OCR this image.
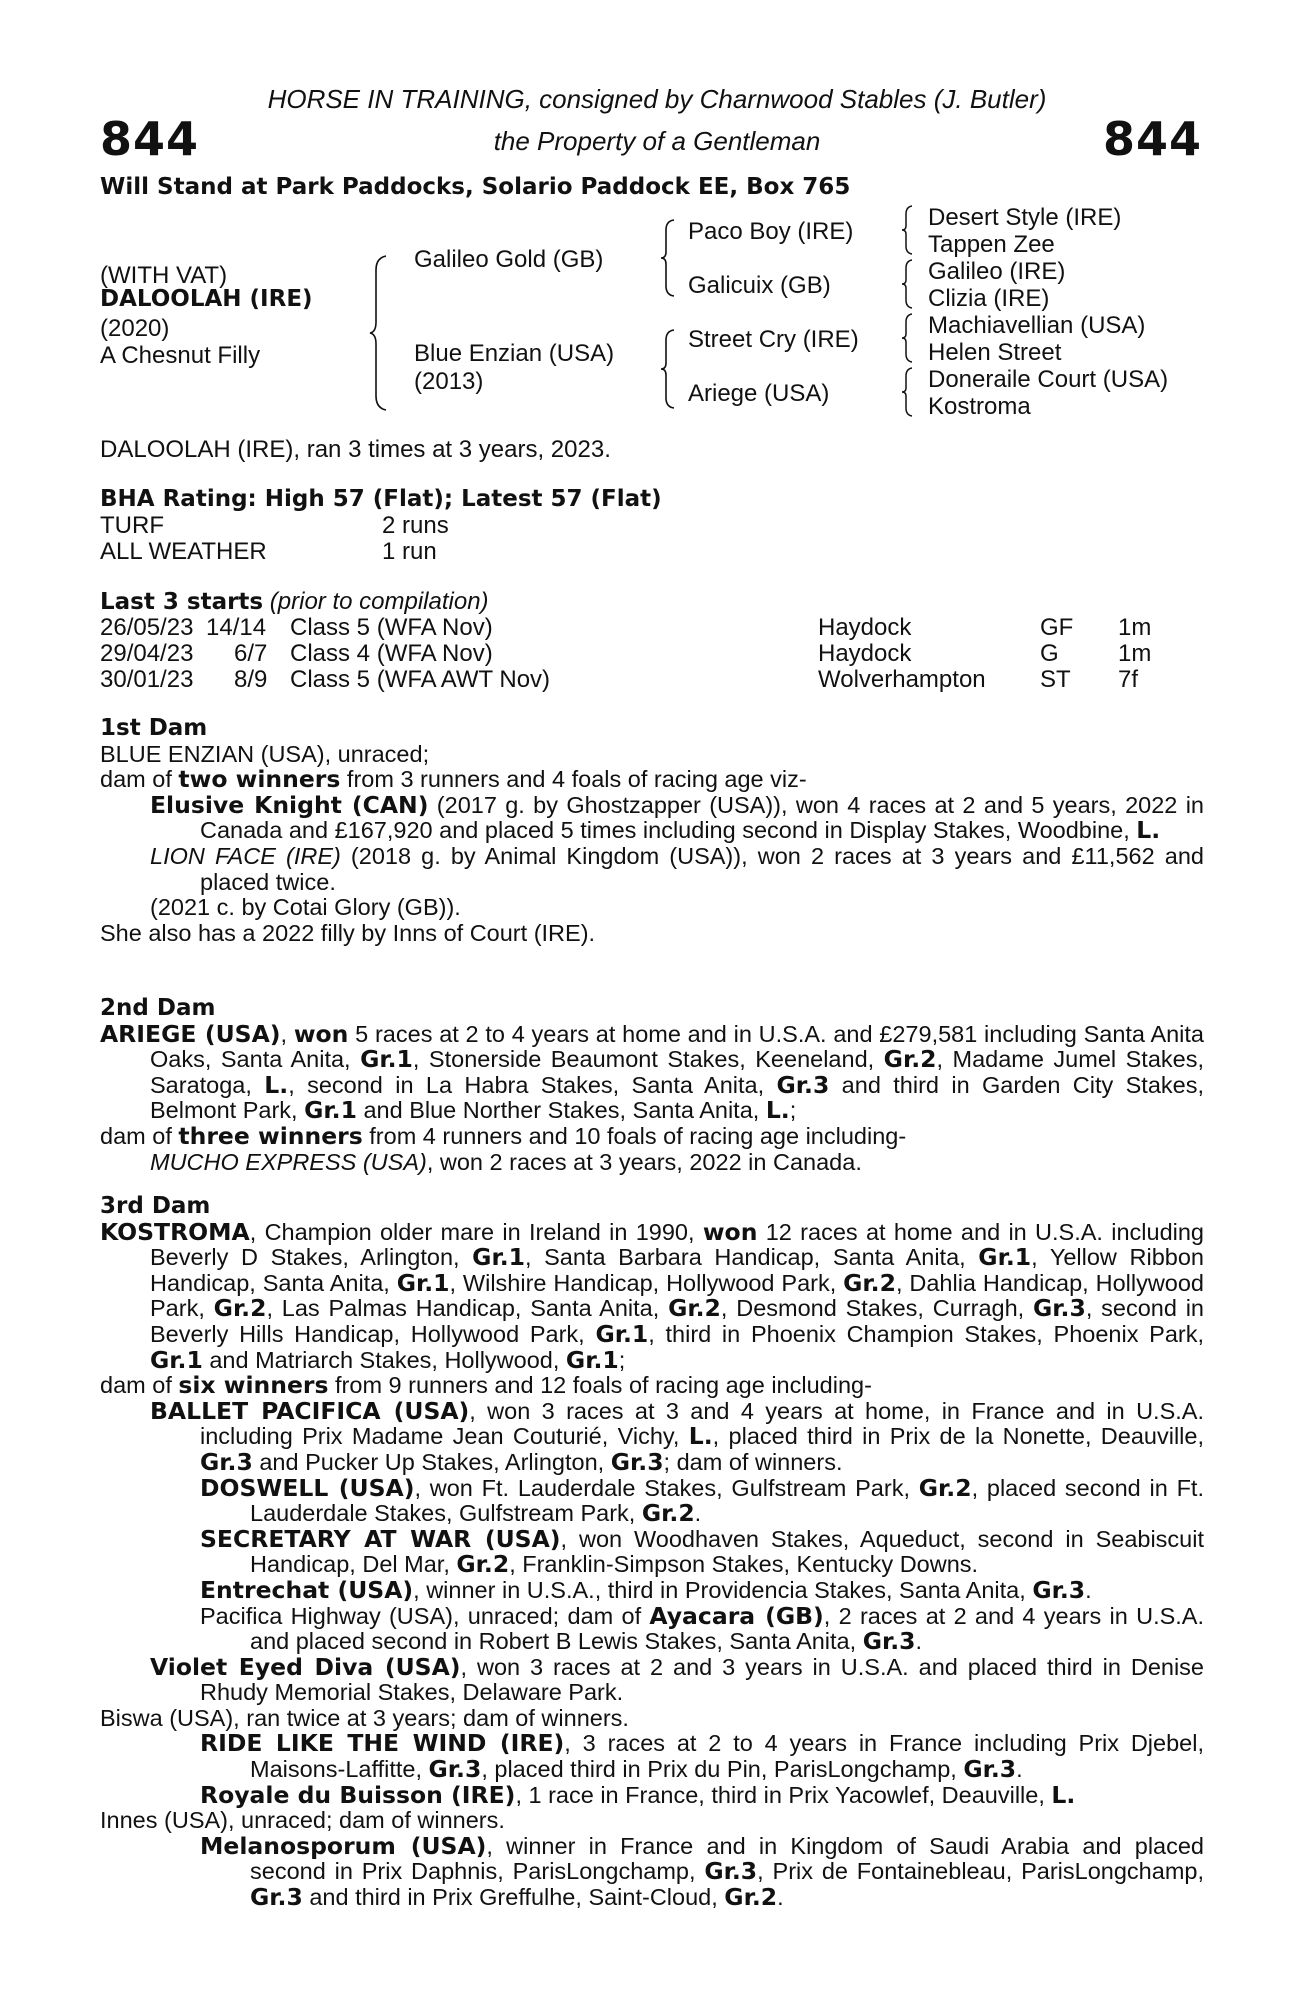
844	844
HORSE IN TRAINING, consigned by Charnwood Stables (J. Butler)
the Property of a Gentleman
Will Stand at Park Paddocks, Solario Paddock EE, Box 765
(WITH VAT)
DALOOLAH (IRE)
(2020)
A Chesnut Filly
Galileo Gold (GB)
Blue Enzian (USA)
(2013)
Paco Boy (IRE)
Galicuix (GB)
Street Cry (IRE)
Ariege (USA)
Desert Style (IRE)
Tappen Zee
Galileo (IRE)
Clizia (IRE)
Machiavellian (USA)
Helen Street
Doneraile Court (USA)
Kostroma
DALOOLAH (IRE), ran 3 times at 3 years, 2023.
BHA Rating: High 57 (Flat); Latest 57 (Flat)
TURF	2 runs
ALL WEATHER	1 run
Last 3 starts (prior to compilation)
26/05/23 14/14 Class 5 (WFA Nov)	Haydock	GF 1m
29/04/23 6/7 Class 4 (WFA Nov)	Haydock	G 1m
30/01/23 8/9 Class 5 (WFA AWT Nov)	Wolverhampton ST 7f
1st Dam
BLUE ENZIAN (USA), unraced;
dam of two winners from 3 runners and 4 foals of racing age viz-
Elusive Knight (CAN) (2017 g. by Ghostzapper (USA)), won 4 races at 2 and 5 years, 2022 in Canada and £167,920 and placed 5 times including second in Display Stakes, Woodbine, L.
LION FACE (IRE) (2018 g. by Animal Kingdom (USA)), won 2 races at 3 years and £11,562 and placed twice.
(2021 c. by Cotai Glory (GB)).
She also has a 2022 filly by Inns of Court (IRE).
2nd Dam
ARIEGE (USA), won 5 races at 2 to 4 years at home and in U.S.A. and £279,581 including Santa Anita Oaks, Santa Anita, Gr.1, Stonerside Beaumont Stakes, Keeneland, Gr.2, Madame Jumel Stakes, Saratoga, L., second in La Habra Stakes, Santa Anita, Gr.3 and third in Garden City Stakes, Belmont Park, Gr.1 and Blue Norther Stakes, Santa Anita, L.;
dam of three winners from 4 runners and 10 foals of racing age including-
MUCHO EXPRESS (USA), won 2 races at 3 years, 2022 in Canada.
3rd Dam
KOSTROMA, Champion older mare in Ireland in 1990, won 12 races at home and in U.S.A. including Beverly D Stakes, Arlington, Gr.1, Santa Barbara Handicap, Santa Anita, Gr.1, Yellow Ribbon Handicap, Santa Anita, Gr.1, Wilshire Handicap, Hollywood Park, Gr.2, Dahlia Handicap, Hollywood Park, Gr.2, Las Palmas Handicap, Santa Anita, Gr.2, Desmond Stakes, Curragh, Gr.3, second in Beverly Hills Handicap, Hollywood Park, Gr.1, third in Phoenix Champion Stakes, Phoenix Park, Gr.1 and Matriarch Stakes, Hollywood, Gr.1;
dam of six winners from 9 runners and 12 foals of racing age including-
BALLET PACIFICA (USA), won 3 races at 3 and 4 years at home, in France and in U.S.A. including Prix Madame Jean Couturié, Vichy, L., placed third in Prix de la Nonette, Deauville, Gr.3 and Pucker Up Stakes, Arlington, Gr.3; dam of winners.
DOSWELL (USA), won Ft. Lauderdale Stakes, Gulfstream Park, Gr.2, placed second in Ft. Lauderdale Stakes, Gulfstream Park, Gr.2.
SECRETARY AT WAR (USA), won Woodhaven Stakes, Aqueduct, second in Seabiscuit Handicap, Del Mar, Gr.2, Franklin-Simpson Stakes, Kentucky Downs.
Entrechat (USA), winner in U.S.A., third in Providencia Stakes, Santa Anita, Gr.3.
Pacifica Highway (USA), unraced; dam of Ayacara (GB), 2 races at 2 and 4 years in U.S.A. and placed second in Robert B Lewis Stakes, Santa Anita, Gr.3.
Violet Eyed Diva (USA), won 3 races at 2 and 3 years in U.S.A. and placed third in Denise Rhudy Memorial Stakes, Delaware Park.
Biswa (USA), ran twice at 3 years; dam of winners.
RIDE LIKE THE WIND (IRE), 3 races at 2 to 4 years in France including Prix Djebel, Maisons-Laffitte, Gr.3, placed third in Prix du Pin, ParisLongchamp, Gr.3.
Royale du Buisson (IRE), 1 race in France, third in Prix Yacowlef, Deauville, L.
Innes (USA), unraced; dam of winners.
Melanosporum (USA), winner in France and in Kingdom of Saudi Arabia and placed second in Prix Daphnis, ParisLongchamp, Gr.3, Prix de Fontainebleau, ParisLongchamp, Gr.3 and third in Prix Greffulhe, Saint-Cloud, Gr.2.
